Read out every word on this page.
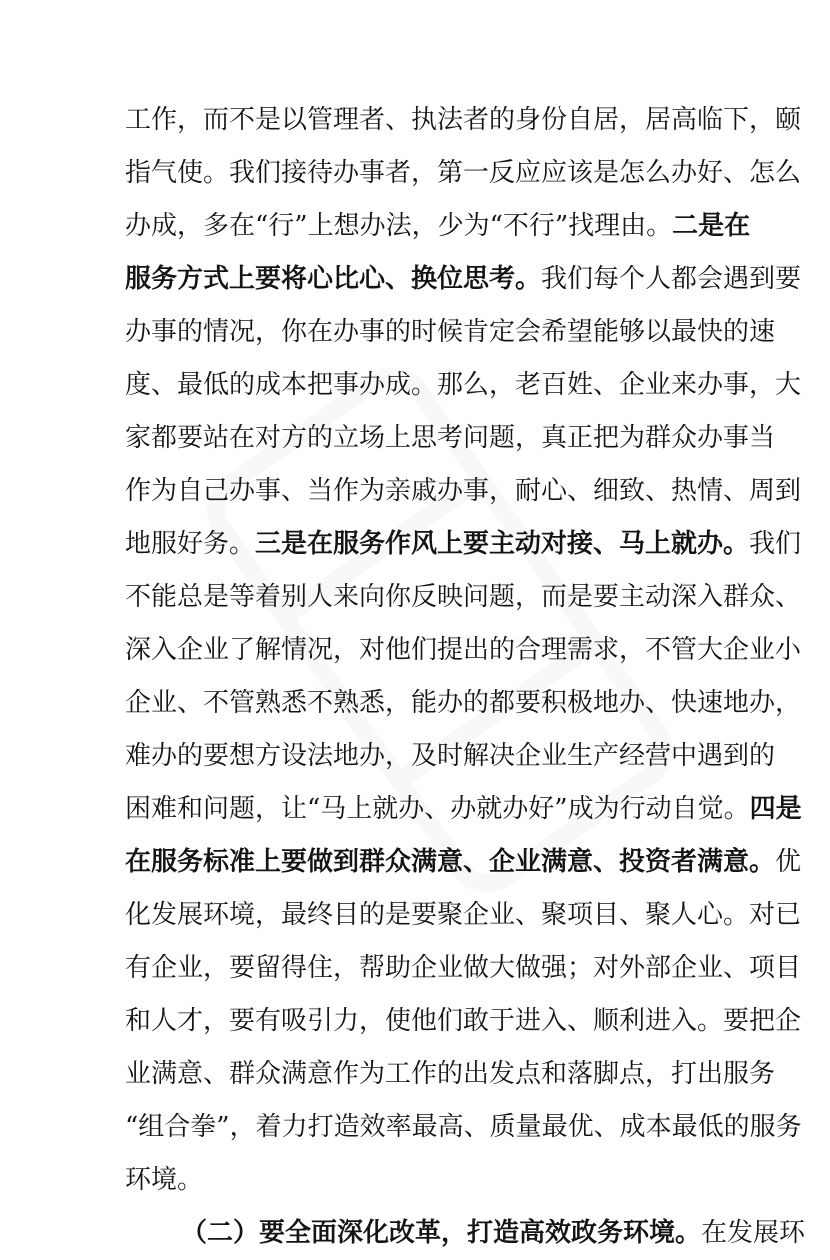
工作，而不是以管理者、执法者的身份自居，居高临下，颐
指气使。我们接待办事者，第一反应应该是怎么办好、怎么
办成，多在“行”上想办法，少为“不行”找理由。二是在
服务方式上要将心比心、换位思考。我们每个人都会遇到要
办事的情况，你在办事的时候肯定会希望能够以最快的速
度、最低的成本把事办成。那么，老百姓、企业来办事，大
家都要站在对方的立场上思考问题，真正把为群众办事当
作为自己办事、当作为亲戚办事，耐心、细致、热情、周到
地服好务。三是在服务作风上要主动对接、马上就办。我们
不能总是等着别人来向你反映问题，而是要主动深入群众、
深入企业了解情况，对他们提出的合理需求，不管大企业小
企业、不管熟悉不熟悉，能办的都要积极地办、快速地办，
难办的要想方设法地办，及时解决企业生产经营中遇到的
困难和问题，让“马上就办、办就办好”成为行动自觉。四是
在服务标准上要做到群众满意、企业满意、投资者满意。优
化发展环境，最终目的是要聚企业、聚项目、聚人心。对已
有企业，要留得住，帮助企业做大做强；对外部企业、项目
和人才，要有吸引力，使他们敢于进入、顺利进入。要把企
业满意、群众满意作为工作的出发点和落脚点，打出服务
“组合拳”，着力打造效率最高、质量最优、成本最低的服务
环境。
（二）要全面深化改革，打造高效政务环境。在发展环
